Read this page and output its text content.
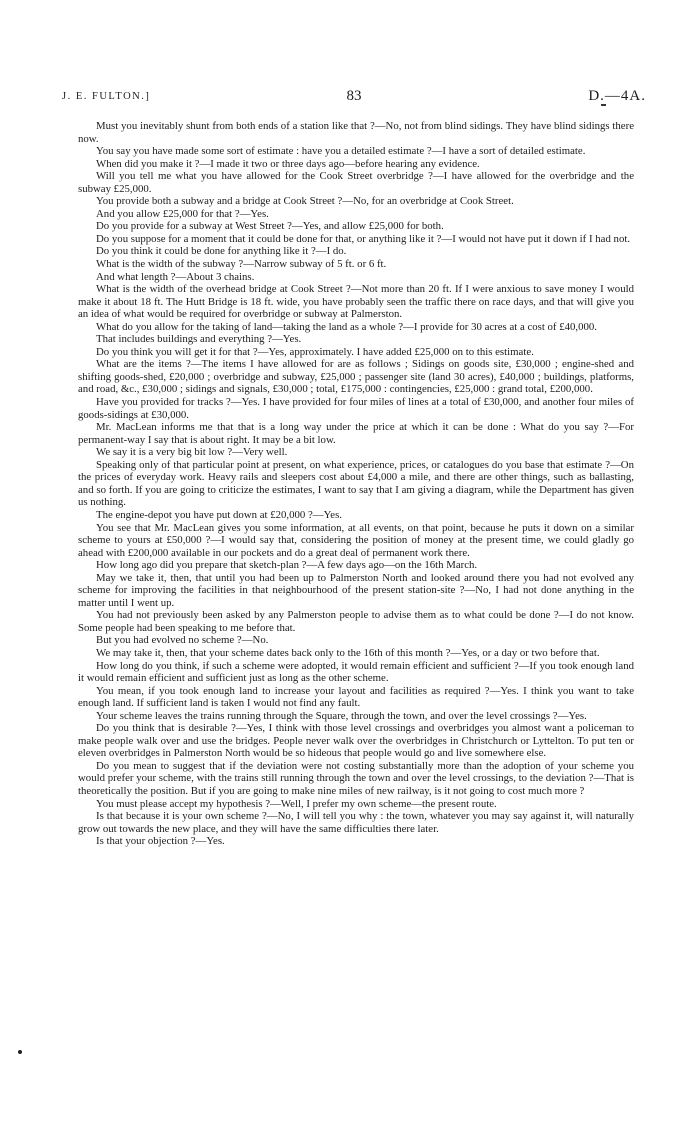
J. E. FULTON.]	83	D.—4A.

Must you inevitably shunt from both ends of a station like that ?—No, not from blind sidings. They have blind sidings there now.

You say you have made some sort of estimate : have you a detailed estimate ?—I have a sort of detailed estimate.

When did you make it ?—I made it two or three days ago—before hearing any evidence.

Will you tell me what you have allowed for the Cook Street overbridge ?—I have allowed for the overbridge and the subway £25,000.

You provide both a subway and a bridge at Cook Street ?—No, for an overbridge at Cook Street.

And you allow £25,000 for that ?—Yes.

Do you provide for a subway at West Street ?—Yes, and allow £25,000 for both.

Do you suppose for a moment that it could be done for that, or anything like it ?—I would not have put it down if I had not.

Do you think it could be done for anything like it ?—I do.

What is the width of the subway ?—Narrow subway of 5 ft. or 6 ft.

And what length ?—About 3 chains.

What is the width of the overhead bridge at Cook Street ?—Not more than 20 ft. If I were anxious to save money I would make it about 18 ft. The Hutt Bridge is 18 ft. wide, you have probably seen the traffic there on race days, and that will give you an idea of what would be required for overbridge or subway at Palmerston.

What do you allow for the taking of land—taking the land as a whole ?—I provide for 30 acres at a cost of £40,000.

That includes buildings and everything ?—Yes.

Do you think you will get it for that ?—Yes, approximately. I have added £25,000 on to this estimate.

What are the items ?—The items I have allowed for are as follows ; Sidings on goods site, £30,000 ; engine-shed and shifting goods-shed, £20,000 ; overbridge and subway, £25,000 ; passenger site (land 30 acres), £40,000 ; buildings, platforms, and road, &c., £30,000 ; sidings and signals, £30,000 ; total, £175,000 : contingencies, £25,000 : grand total, £200,000.

Have you provided for tracks ?—Yes. I have provided for four miles of lines at a total of £30,000, and another four miles of goods-sidings at £30,000.

Mr. MacLean informs me that that is a long way under the price at which it can be done : What do you say ?—For permanent-way I say that is about right. It may be a bit low.

We say it is a very big bit low ?—Very well.

Speaking only of that particular point at present, on what experience, prices, or catalogues do you base that estimate ?—On the prices of everyday work. Heavy rails and sleepers cost about £4,000 a mile, and there are other things, such as ballasting, and so forth. If you are going to criticize the estimates, I want to say that I am giving a diagram, while the Department has given us nothing.

The engine-depot you have put down at £20,000 ?—Yes.

You see that Mr. MacLean gives you some information, at all events, on that point, because he puts it down on a similar scheme to yours at £50,000 ?—I would say that, considering the position of money at the present time, we could gladly go ahead with £200,000 available in our pockets and do a great deal of permanent work there.

How long ago did you prepare that sketch-plan ?—A few days ago—on the 16th March.

May we take it, then, that until you had been up to Palmerston North and looked around there you had not evolved any scheme for improving the facilities in that neighbourhood of the present station-site ?—No, I had not done anything in the matter until I went up.

You had not previously been asked by any Palmerston people to advise them as to what could be done ?—I do not know. Some people had been speaking to me before that.

But you had evolved no scheme ?—No.

We may take it, then, that your scheme dates back only to the 16th of this month ?—Yes, or a day or two before that.

How long do you think, if such a scheme were adopted, it would remain efficient and sufficient ?—If you took enough land it would remain efficient and sufficient just as long as the other scheme.

You mean, if you took enough land to increase your layout and facilities as required ?—Yes. I think you want to take enough land. If sufficient land is taken I would not find any fault.

Your scheme leaves the trains running through the Square, through the town, and over the level crossings ?—Yes.

Do you think that is desirable ?—Yes, I think with those level crossings and overbridges you almost want a policeman to make people walk over and use the bridges. People never walk over the overbridges in Christchurch or Lyttelton. To put ten or eleven overbridges in Palmerston North would be so hideous that people would go and live somewhere else.

Do you mean to suggest that if the deviation were not costing substantially more than the adoption of your scheme you would prefer your scheme, with the trains still running through the town and over the level crossings, to the deviation ?—That is theoretically the position. But if you are going to make nine miles of new railway, is it not going to cost much more ?

You must please accept my hypothesis ?—Well, I prefer my own scheme—the present route.

Is that because it is your own scheme ?—No, I will tell you why : the town, whatever you may say against it, will naturally grow out towards the new place, and they will have the same difficulties there later.

Is that your objection ?—Yes.
